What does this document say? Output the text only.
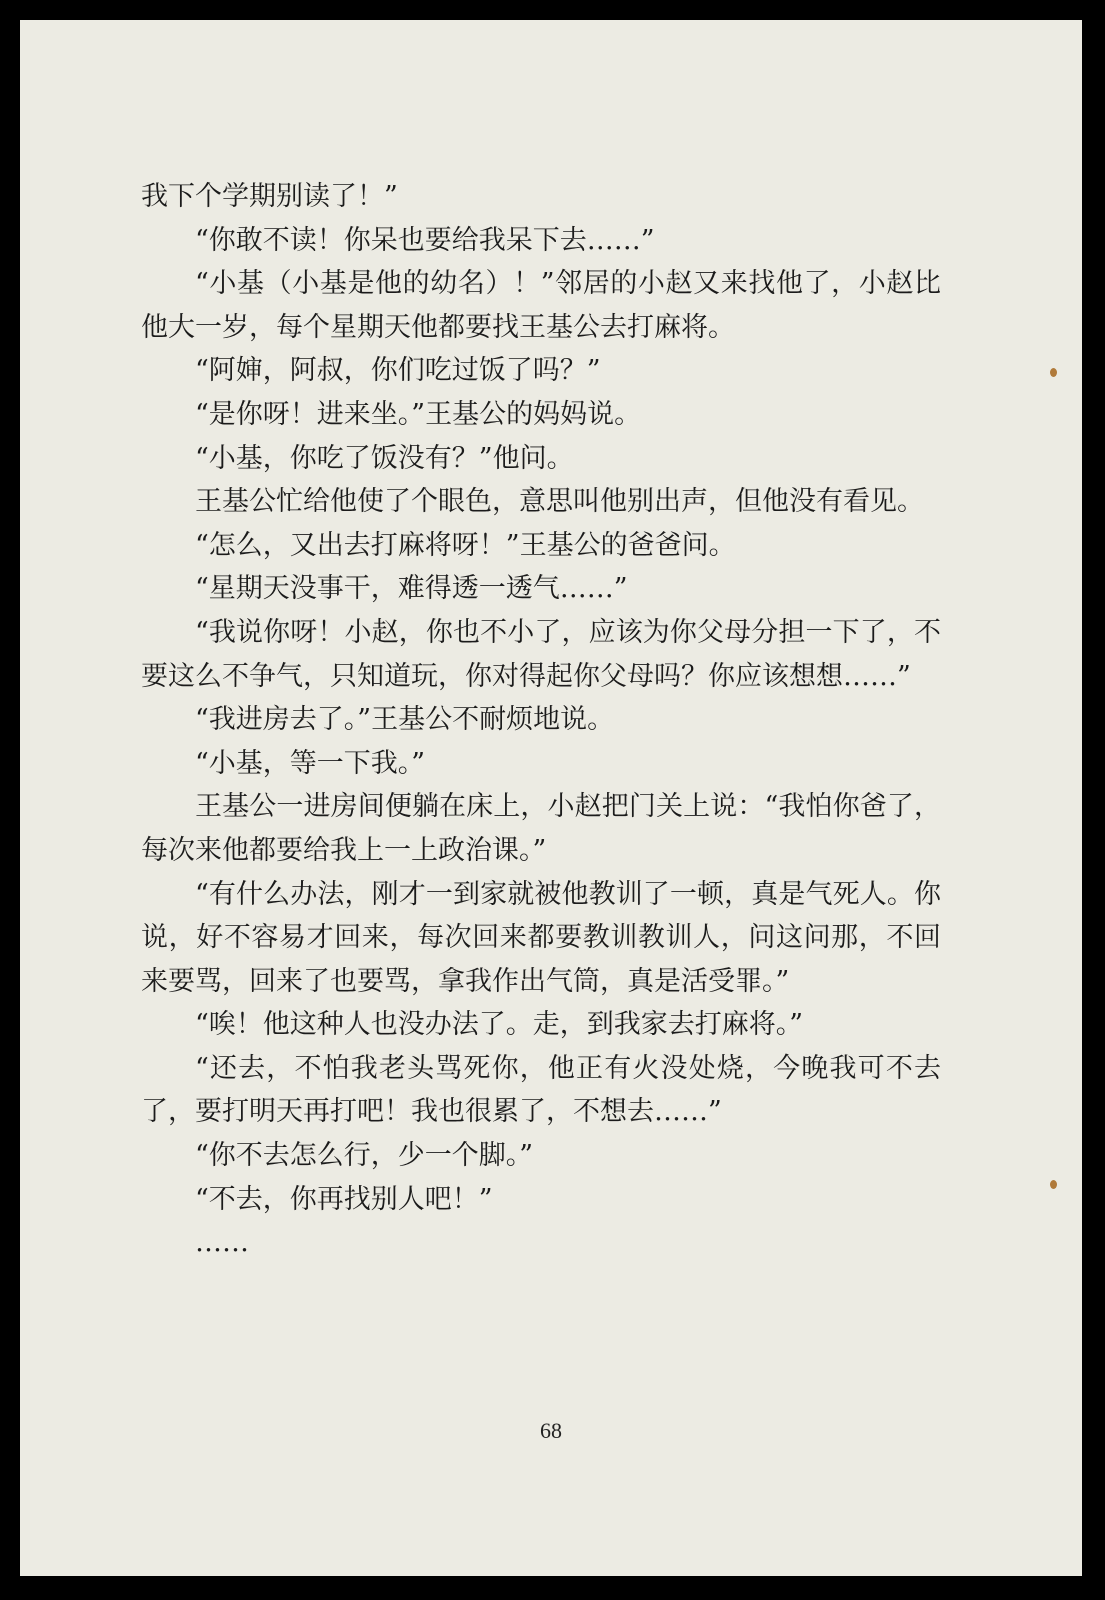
我下个学期别读了！”

“你敢不读！你呆也要给我呆下去……”

“小基（小基是他的幼名）！”邻居的小赵又来找他了，小赵比他大一岁，每个星期天他都要找王基公去打麻将。

“阿婶，阿叔，你们吃过饭了吗？”

“是你呀！进来坐。”王基公的妈妈说。

“小基，你吃了饭没有？”他问。

王基公忙给他使了个眼色，意思叫他别出声，但他没有看见。

“怎么，又出去打麻将呀！”王基公的爸爸问。

“星期天没事干，难得透一透气……”

“我说你呀！小赵，你也不小了，应该为你父母分担一下了，不要这么不争气，只知道玩，你对得起你父母吗？你应该想想……”

“我进房去了。”王基公不耐烦地说。

“小基，等一下我。”

王基公一进房间便躺在床上，小赵把门关上说：“我怕你爸了，每次来他都要给我上一上政治课。”

“有什么办法，刚才一到家就被他教训了一顿，真是气死人。你说，好不容易才回来，每次回来都要教训教训人，问这问那，不回来要骂，回来了也要骂，拿我作出气筒，真是活受罪。”

“唉！他这种人也没办法了。走，到我家去打麻将。”

“还去，不怕我老头骂死你，他正有火没处烧，今晚我可不去了，要打明天再打吧！我也很累了，不想去……”

“你不去怎么行，少一个脚。”

“不去，你再找别人吧！”

……

68
